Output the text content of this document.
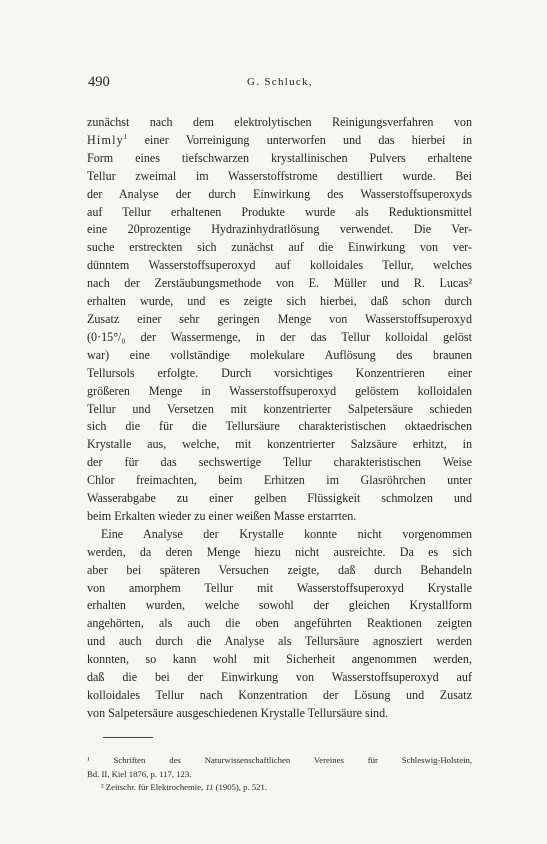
490	G. Schluck,
zunächst nach dem elektrolytischen Reinigungsverfahren von
Himly$^1$ einer Vorreinigung unterworfen und das hierbei in
Form eines tiefschwarzen krystallinischen Pulvers erhaltene
Tellur zweimal im Wasserstoffstrome destilliert wurde. Bei
der Analyse der durch Einwirkung des Wasserstoffsuperoxyds
auf Tellur erhaltenen Produkte wurde als Reduktionsmittel
eine 20prozentige Hydrazinhydratlösung verwendet. Die Ver-
suche erstreckten sich zunächst auf die Einwirkung von ver-
dünntem Wasserstoffsuperoxyd auf kolloidales Tellur, welches
nach der Zerstäubungsmethode von E. Müller und R. Lucas²
erhalten wurde, und es zeigte sich hierbei, daß schon durch
Zusatz einer sehr geringen Menge von Wasserstoffsuperoxyd
(0·15°/₀ der Wassermenge, in der das Tellur kolloidal gelöst
war) eine vollständige molekulare Auflösung des braunen
Tellursols erfolgte. Durch vorsichtiges Konzentrieren einer
größeren Menge in Wasserstoffsuperoxyd gelöstem kolloidalen
Tellur und Versetzen mit konzentrierter Salpetersäure schieden
sich die für die Tellursäure charakteristischen oktaedrischen
Krystalle aus, welche, mit konzentrierter Salzsäure erhitzt, in
der für das sechswertige Tellur charakteristischen Weise
Chlor freimachten, beim Erhitzen im Glasröhrchen unter
Wasserabgabe zu einer gelben Flüssigkeit schmolzen und
beim Erkalten wieder zu einer weißen Masse erstarrten.
Eine Analyse der Krystalle konnte nicht vorgenommen
werden, da deren Menge hiezu nicht ausreichte. Da es sich
aber bei späteren Versuchen zeigte, daß durch Behandeln
von amorphem Tellur mit Wasserstoffsuperoxyd Krystalle
erhalten wurden, welche sowohl der gleichen Krystallform
angehörten, als auch die oben angeführten Reaktionen zeigten
und auch durch die Analyse als Tellursäure agnosziert werden
konnten, so kann wohl mit Sicherheit angenommen werden,
daß die bei der Einwirkung von Wasserstoffsuperoxyd auf
kolloidales Tellur nach Konzentration der Lösung und Zusatz
von Salpetersäure ausgeschiedenen Krystalle Tellursäure sind.
¹ Schriften des Naturwissenschaftlichen Vereines für Schleswig-Holstein,
Bd. II, Kiel 1876, p. 117, 123.
² Zeitschr. für Elektrochemie, 11 (1905), p. 521.
